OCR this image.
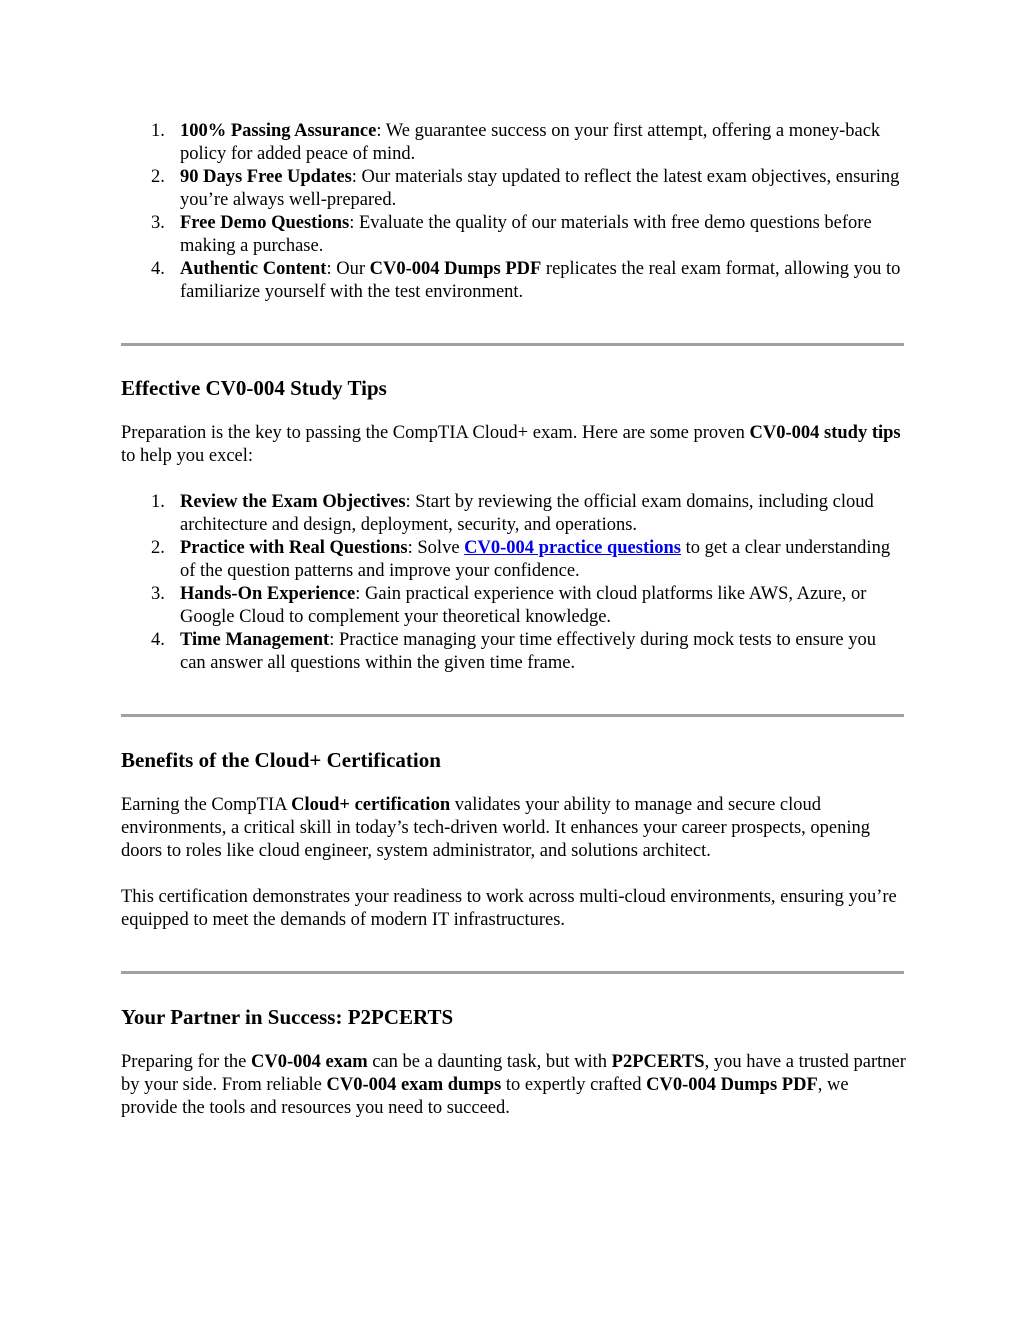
1. 100% Passing Assurance: We guarantee success on your first attempt, offering a money-back policy for added peace of mind.
2. 90 Days Free Updates: Our materials stay updated to reflect the latest exam objectives, ensuring you’re always well-prepared.
3. Free Demo Questions: Evaluate the quality of our materials with free demo questions before making a purchase.
4. Authentic Content: Our CV0-004 Dumps PDF replicates the real exam format, allowing you to familiarize yourself with the test environment.
Effective CV0-004 Study Tips

Preparation is the key to passing the CompTIA Cloud+ exam. Here are some proven CV0-004 study tips to help you excel:

1. Review the Exam Objectives: Start by reviewing the official exam domains, including cloud architecture and design, deployment, security, and operations.
2. Practice with Real Questions: Solve CV0-004 practice questions to get a clear understanding of the question patterns and improve your confidence.
3. Hands-On Experience: Gain practical experience with cloud platforms like AWS, Azure, or Google Cloud to complement your theoretical knowledge.
4. Time Management: Practice managing your time effectively during mock tests to ensure you can answer all questions within the given time frame.
Benefits of the Cloud+ Certification

Earning the CompTIA Cloud+ certification validates your ability to manage and secure cloud environments, a critical skill in today’s tech-driven world. It enhances your career prospects, opening doors to roles like cloud engineer, system administrator, and solutions architect.

This certification demonstrates your readiness to work across multi-cloud environments, ensuring you’re equipped to meet the demands of modern IT infrastructures.

Your Partner in Success: P2PCERTS

Preparing for the CV0-004 exam can be a daunting task, but with P2PCERTS, you have a trusted partner by your side. From reliable CV0-004 exam dumps to expertly crafted CV0-004 Dumps PDF, we provide the tools and resources you need to succeed.
